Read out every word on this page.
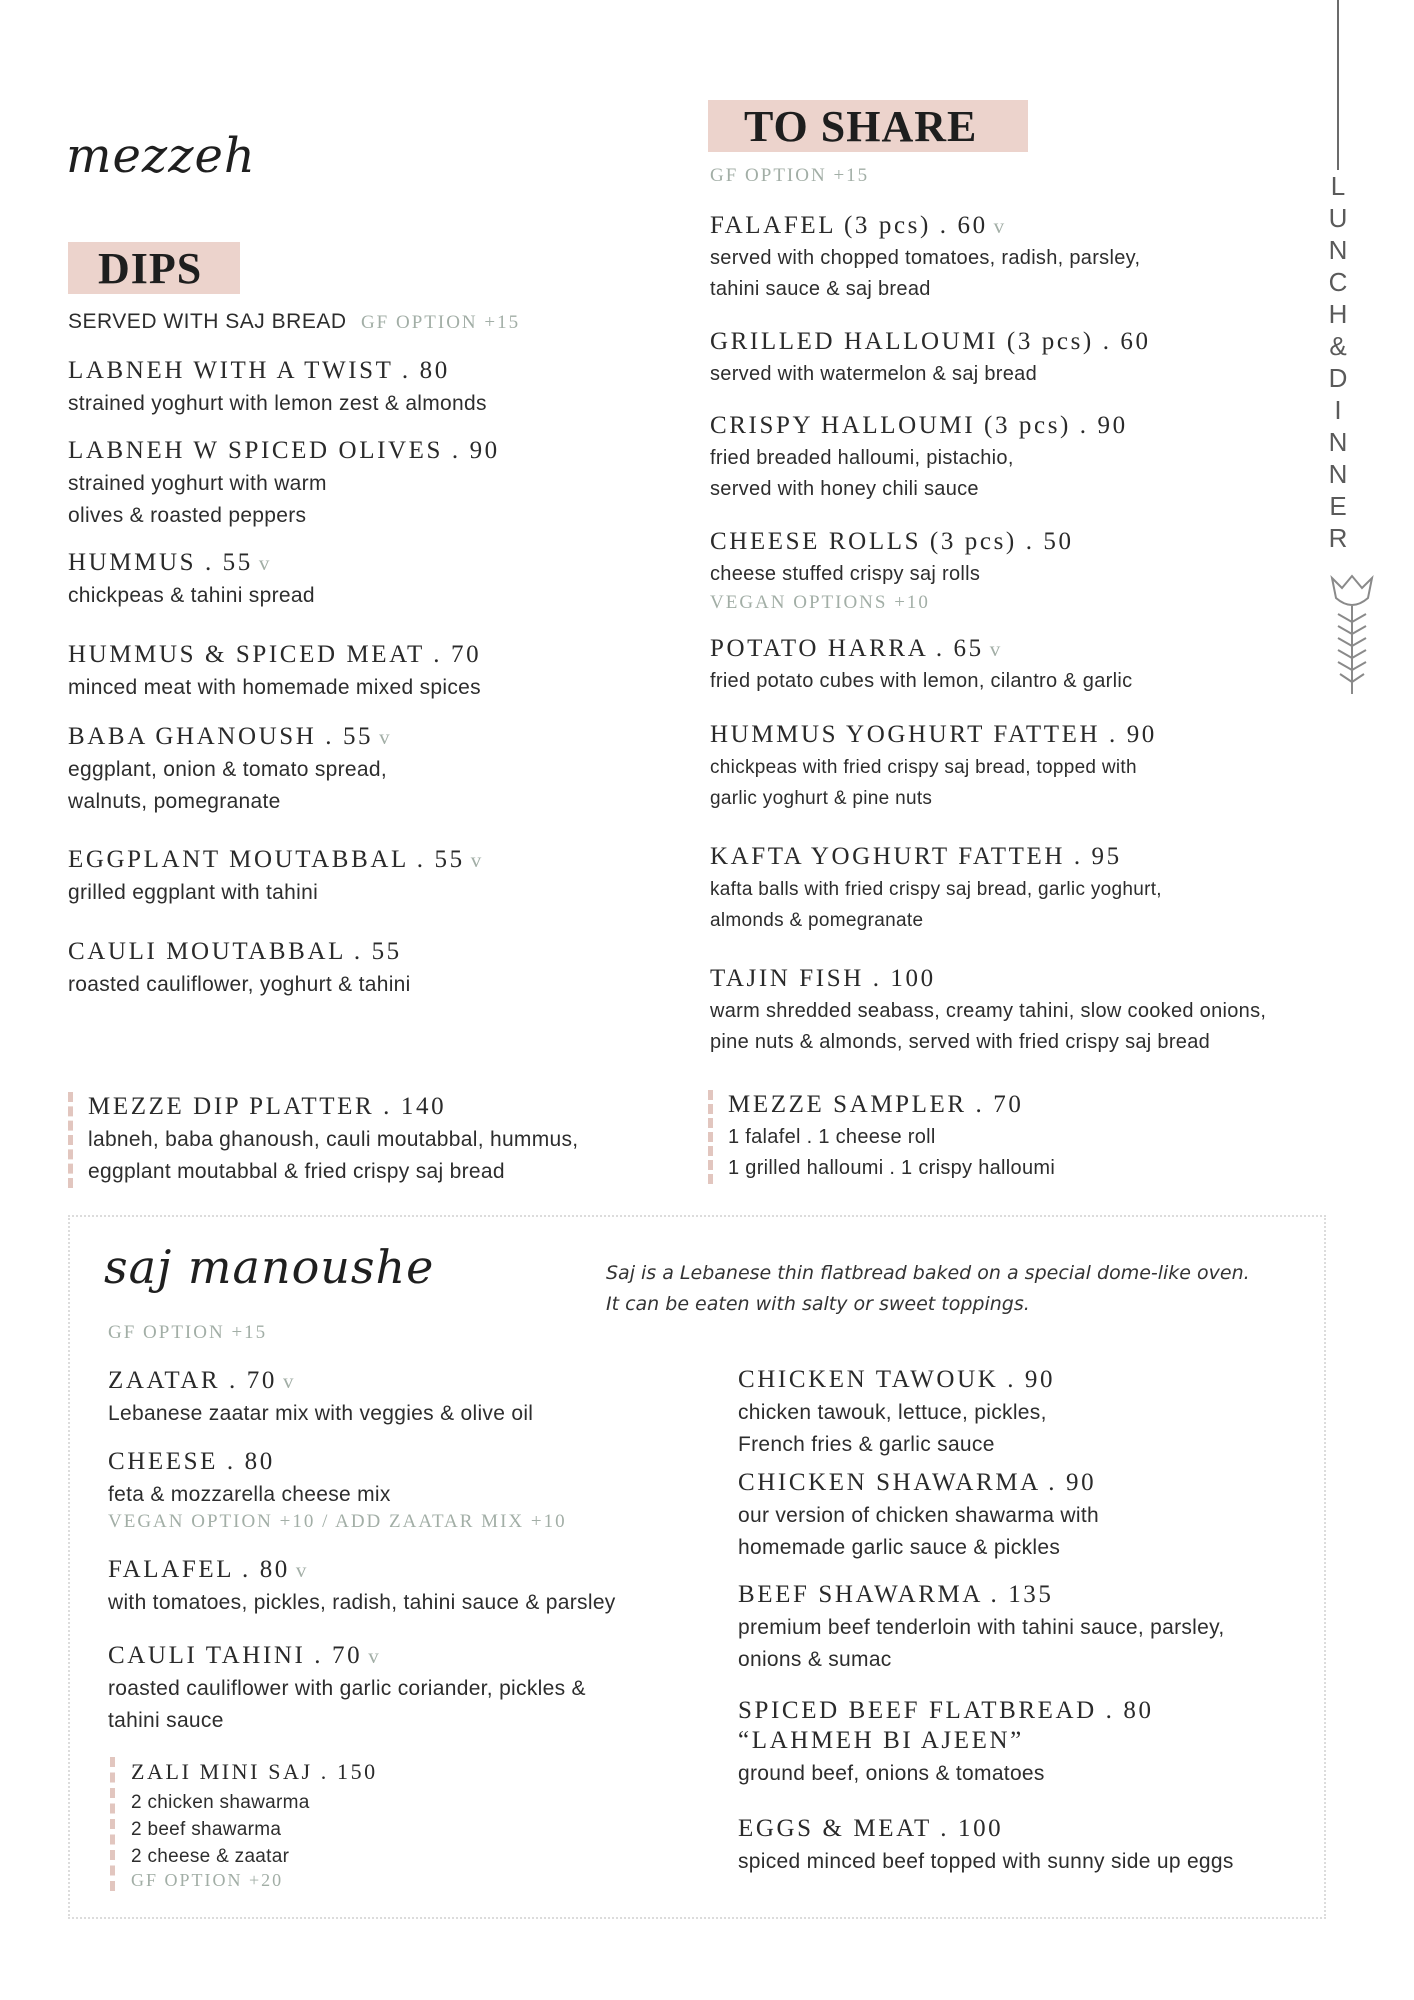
L
U
N
C
H
&
D
I
N
N
E
R
mezzeh
DIPS
SERVED WITH SAJ BREAD GF OPTION +15
LABNEH WITH A TWIST . 80
strained yoghurt with lemon zest & almonds
LABNEH W SPICED OLIVES . 90
strained yoghurt with warm
olives & roasted peppers
HUMMUS . 55 v
chickpeas & tahini spread
HUMMUS & SPICED MEAT . 70
minced meat with homemade mixed spices
BABA GHANOUSH . 55 v
eggplant, onion & tomato spread,
walnuts, pomegranate
EGGPLANT MOUTABBAL . 55 v
grilled eggplant with tahini
CAULI MOUTABBAL . 55
roasted cauliflower, yoghurt & tahini
MEZZE DIP PLATTER . 140
labneh, baba ghanoush, cauli moutabbal, hummus,
eggplant moutabbal & fried crispy saj bread
TO SHARE
GF OPTION +15
FALAFEL (3 pcs) . 60 v
served with chopped tomatoes, radish, parsley,
tahini sauce & saj bread
GRILLED HALLOUMI (3 pcs) . 60
served with watermelon & saj bread
CRISPY HALLOUMI (3 pcs) . 90
fried breaded halloumi, pistachio,
served with honey chili sauce
CHEESE ROLLS (3 pcs) . 50
cheese stuffed crispy saj rolls
VEGAN OPTIONS +10
POTATO HARRA . 65 v
fried potato cubes with lemon, cilantro & garlic
HUMMUS YOGHURT FATTEH . 90
chickpeas with fried crispy saj bread, topped with
garlic yoghurt & pine nuts
KAFTA YOGHURT FATTEH . 95
kafta balls with fried crispy saj bread, garlic yoghurt,
almonds & pomegranate
TAJIN FISH . 100
warm shredded seabass, creamy tahini, slow cooked onions,
pine nuts & almonds, served with fried crispy saj bread
MEZZE SAMPLER . 70
1 falafel . 1 cheese roll
1 grilled halloumi . 1 crispy halloumi
saj manoushe	Saj is a Lebanese thin flatbread baked on a special dome-like oven.
It can be eaten with salty or sweet toppings.
GF OPTION +15
ZAATAR . 70 v
Lebanese zaatar mix with veggies & olive oil
CHEESE . 80
feta & mozzarella cheese mix
VEGAN OPTION +10 / ADD ZAATAR MIX +10
FALAFEL . 80 v
with tomatoes, pickles, radish, tahini sauce & parsley
CAULI TAHINI . 70 v
roasted cauliflower with garlic coriander, pickles &
tahini sauce
ZALI MINI SAJ . 150
2 chicken shawarma
2 beef shawarma
2 cheese & zaatar
GF OPTION +20
CHICKEN TAWOUK . 90
chicken tawouk, lettuce, pickles,
French fries & garlic sauce
CHICKEN SHAWARMA . 90
our version of chicken shawarma with
homemade garlic sauce & pickles
BEEF SHAWARMA . 135
premium beef tenderloin with tahini sauce, parsley,
onions & sumac
SPICED BEEF FLATBREAD . 80
“LAHMEH BI AJEEN”
ground beef, onions & tomatoes
EGGS & MEAT . 100
spiced minced beef topped with sunny side up eggs
